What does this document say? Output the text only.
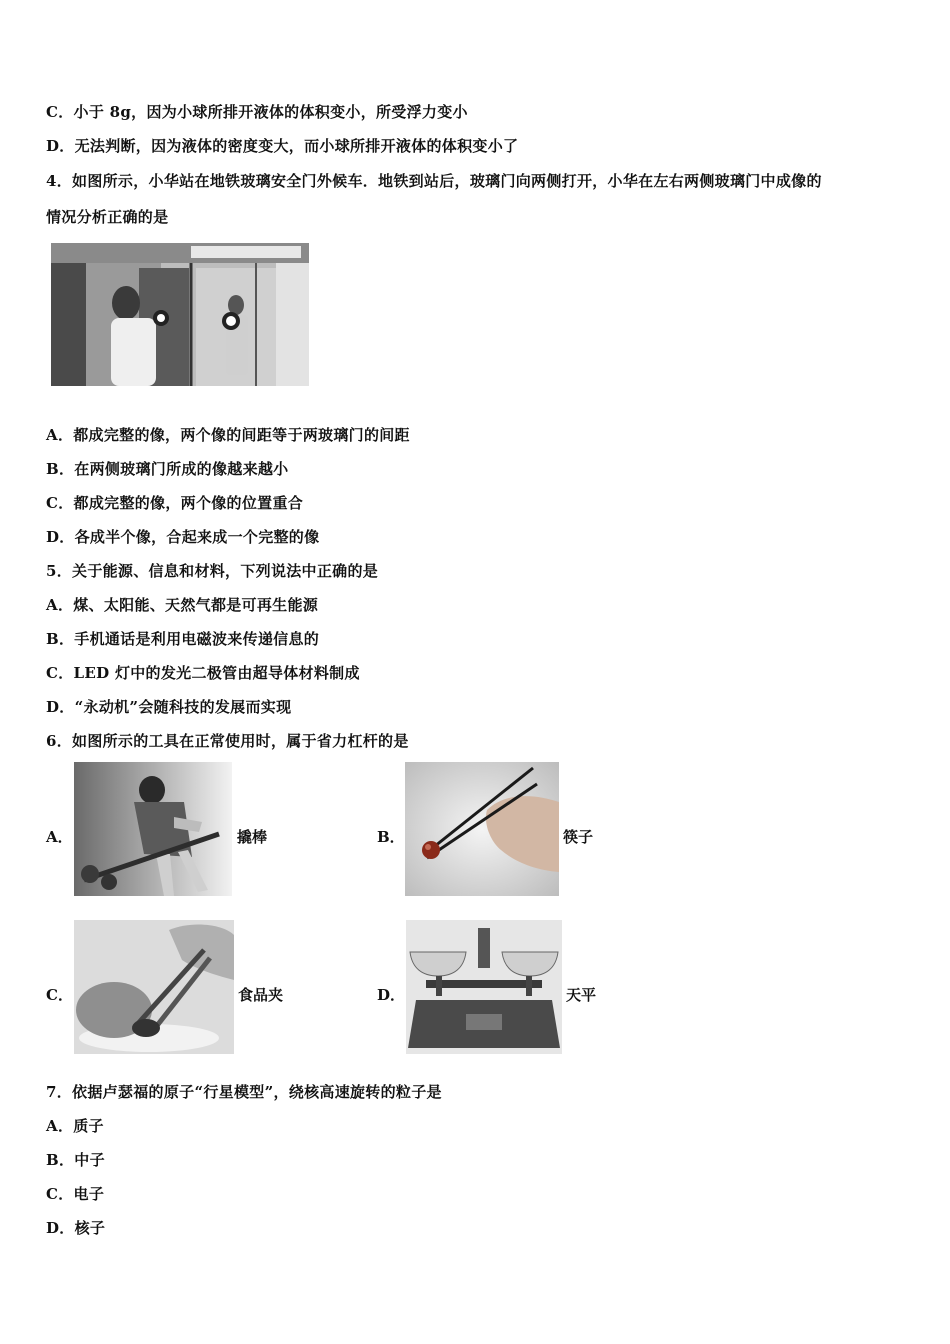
C．小于 8g，因为小球所排开液体的体积变小，所受浮力变小
D．无法判断，因为液体的密度变大，而小球所排开液体的体积变小了
4．如图所示，小华站在地铁玻璃安全门外候车．地铁到站后，玻璃门向两侧打开，小华在左右两侧玻璃门中成像的
情况分析正确的是
A．都成完整的像，两个像的间距等于两玻璃门的间距
B．在两侧玻璃门所成的像越来越小
C．都成完整的像，两个像的位置重合
D．各成半个像，合起来成一个完整的像
5．关于能源、信息和材料，下列说法中正确的是
A．煤、太阳能、天然气都是可再生能源
B．手机通话是利用电磁波来传递信息的
C．LED 灯中的发光二极管由超导体材料制成
D．“永动机”会随科技的发展而实现
6．如图所示的工具在正常使用时，属于省力杠杆的是
A．	撬棒	B．	筷子
C．	食品夹	D．	天平
7．依据卢瑟福的原子“行星模型”，绕核高速旋转的粒子是
A．质子
B．中子
C．电子
D．核子
